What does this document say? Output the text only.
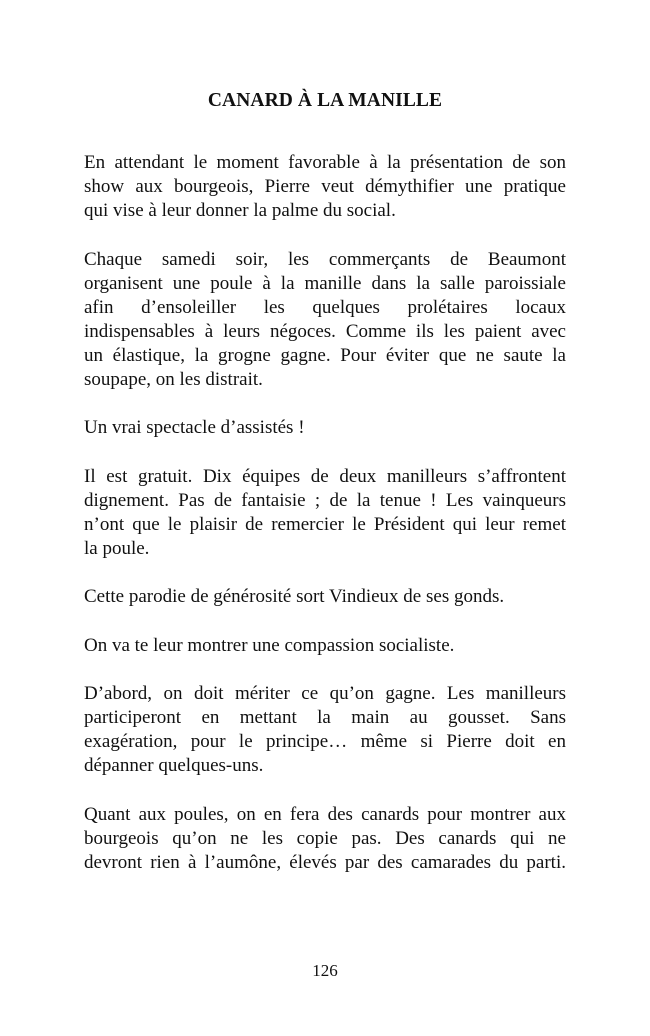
CANARD À LA MANILLE
En attendant le moment favorable à la présentation de son
show aux bourgeois, Pierre veut démythifier une pratique
qui vise à leur donner la palme du social.
Chaque samedi soir, les commerçants de Beaumont
organisent une poule à la manille dans la salle paroissiale
afin d’ensoleiller les quelques prolétaires locaux
indispensables à leurs négoces. Comme ils les paient avec
un élastique, la grogne gagne. Pour éviter que ne saute la
soupape, on les distrait.
Un vrai spectacle d’assistés !
Il est gratuit. Dix équipes de deux manilleurs s’affrontent
dignement. Pas de fantaisie ; de la tenue ! Les vainqueurs
n’ont que le plaisir de remercier le Président qui leur remet
la poule.
Cette parodie de générosité sort Vindieux de ses gonds.
On va te leur montrer une compassion socialiste.
D’abord, on doit mériter ce qu’on gagne. Les manilleurs
participeront en mettant la main au gousset. Sans
exagération, pour le principe… même si Pierre doit en
dépanner quelques-uns.
Quant aux poules, on en fera des canards pour montrer aux
bourgeois qu’on ne les copie pas. Des canards qui ne
devront rien à l’aumône, élevés par des camarades du parti.
126
